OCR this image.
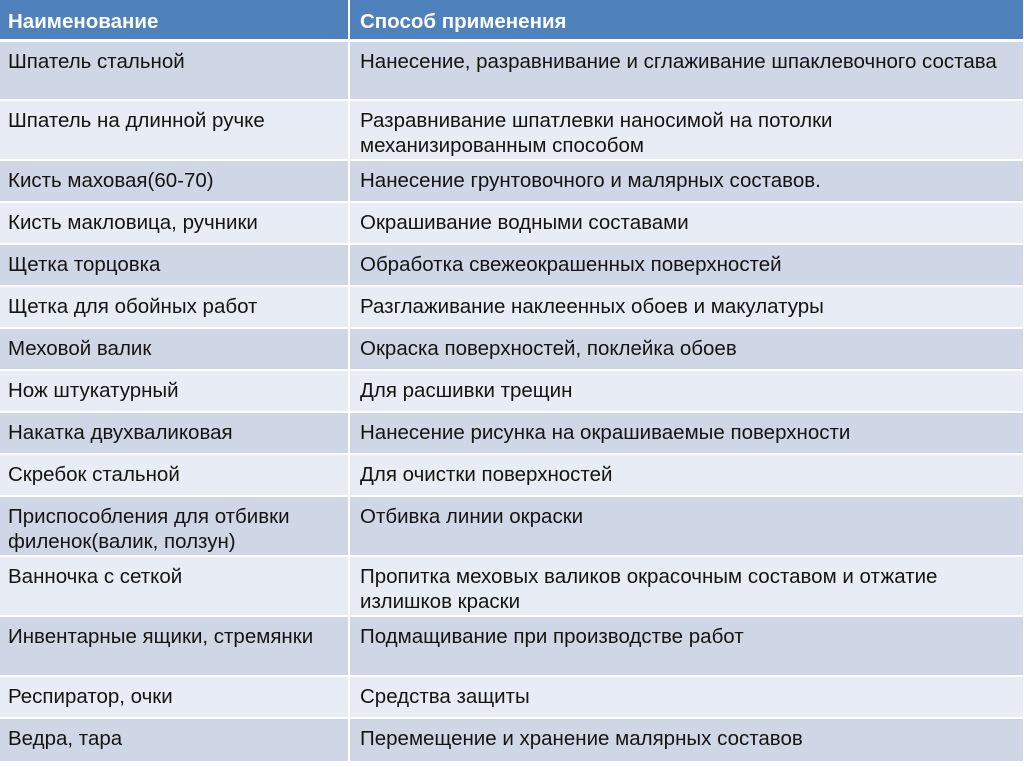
Наименование	Способ применения
Шпатель стальной	Нанесение, разравнивание и сглаживание шпаклевочного состава
Шпатель на длинной ручке	Разравнивание шпатлевки наносимой на потолки механизированным способом
Кисть маховая(60-70)	Нанесение грунтовочного и малярных составов.
Кисть макловица, ручники	Окрашивание водными составами
Щетка торцовка	Обработка свежеокрашенных поверхностей
Щетка для обойных работ	Разглаживание наклеенных обоев и макулатуры
Меховой валик	Окраска поверхностей, поклейка обоев
Нож штукатурный	Для расшивки трещин
Накатка двухваликовая	Нанесение рисунка на окрашиваемые поверхности
Скребок стальной	Для очистки поверхностей
Приспособления для отбивки филенок(валик, ползун)	Отбивка линии окраски
Ванночка с сеткой	Пропитка меховых валиков окрасочным составом и отжатие излишков краски
Инвентарные ящики, стремянки	Подмащивание при производстве работ
Респиратор, очки	Средства защиты
Ведра, тара	Перемещение и хранение малярных составов
